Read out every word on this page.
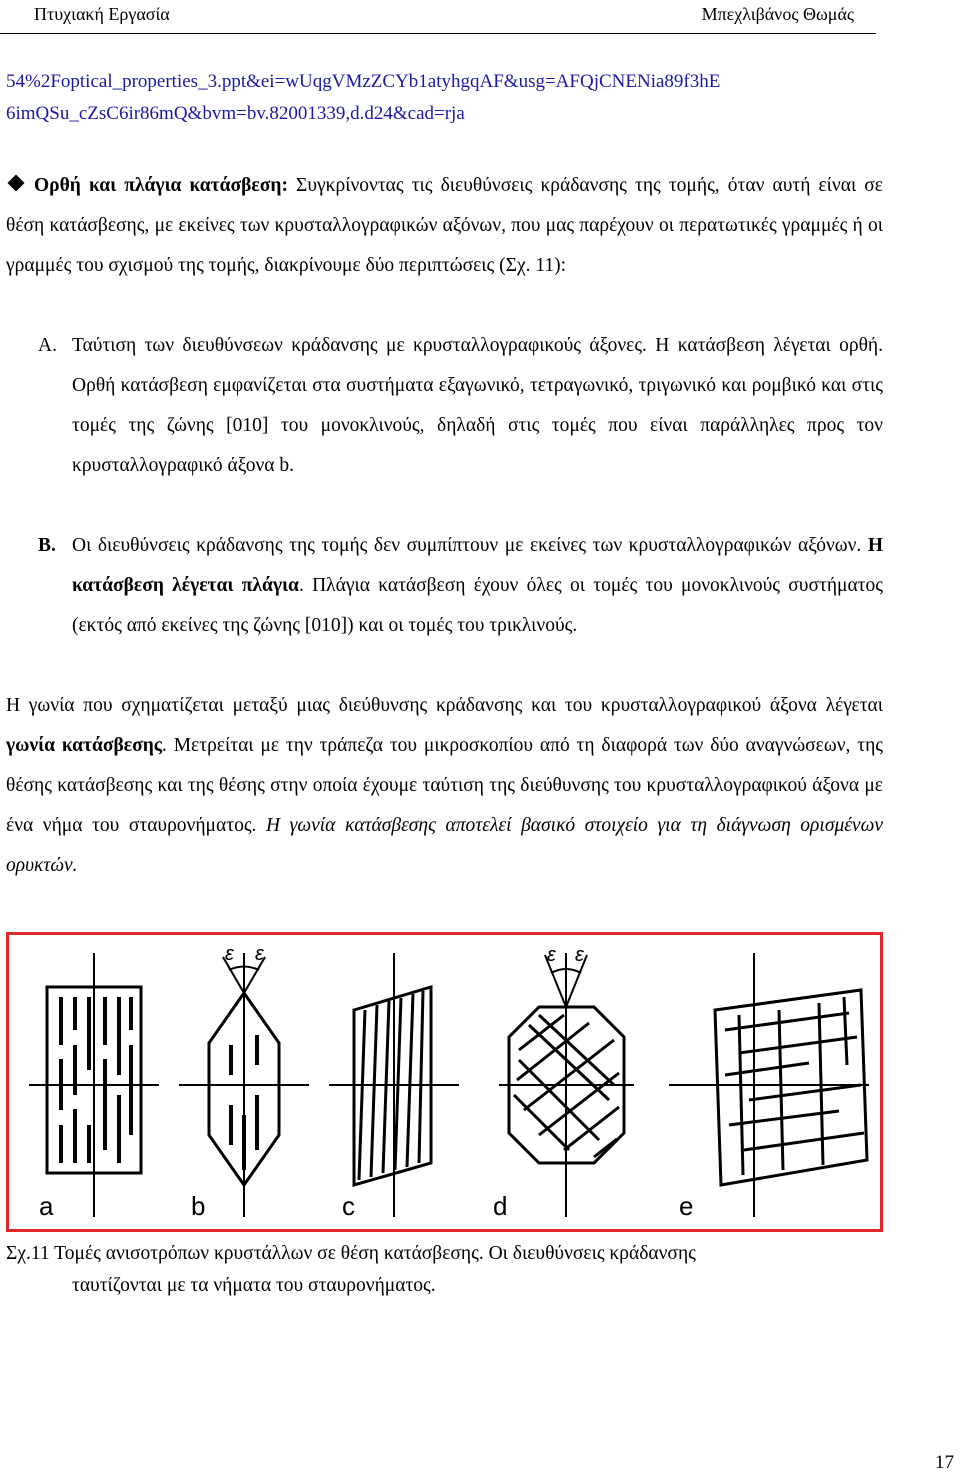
Πτυχιακή Εργασία	Μπεχλιβάνος Θωμάς
54%2Foptical_properties_3.ppt&ei=wUqgVMzZCYb1atyhgqAF&usg=AFQjCNENia89f3hE
6imQSu_cZsC6ir86mQ&bvm=bv.82001339,d.d24&cad=rja
Ορθή και πλάγια κατάσβεση: Συγκρίνοντας τις διευθύνσεις κράδανσης της τομής, όταν αυτή είναι σε θέση κατάσβεσης, με εκείνες των κρυσταλλογραφικών αξόνων, που μας παρέχουν οι περατωτικές γραμμές ή οι γραμμές του σχισμού της τομής, διακρίνουμε δύο περιπτώσεις (Σχ. 11):
Α. Ταύτιση των διευθύνσεων κράδανσης με κρυσταλλογραφικούς άξονες. Η κατάσβεση λέγεται ορθή. Ορθή κατάσβεση εμφανίζεται στα συστήματα εξαγωνικό, τετραγωνικό, τριγωνικό και ρομβικό και στις τομές της ζώνης [010] του μονοκλινούς, δηλαδή στις τομές που είναι παράλληλες προς τον κρυσταλλογραφικό άξονα b.
Β. Οι διευθύνσεις κράδανσης της τομής δεν συμπίπτουν με εκείνες των κρυσταλλογραφικών αξόνων. Η κατάσβεση λέγεται πλάγια. Πλάγια κατάσβεση έχουν όλες οι τομές του μονοκλινούς συστήματος (εκτός από εκείνες της ζώνης [010]) και οι τομές του τρικλινούς.
Η γωνία που σχηματίζεται μεταξύ μιας διεύθυνσης κράδανσης και του κρυσταλλογραφικού άξονα λέγεται γωνία κατάσβεσης. Μετρείται με την τράπεζα του μικροσκοπίου από τη διαφορά των δύο αναγνώσεων, της θέσης κατάσβεσης και της θέσης στην οποία έχουμε ταύτιση της διεύθυνσης του κρυσταλλογραφικού άξονα με ένα νήμα του σταυρονήματος. Η γωνία κατάσβεσης αποτελεί βασικό στοιχείο για τη διάγνωση ορισμένων ορυκτών.
a
ε ε
b	c
ε ε
d	e
Σχ.11 Τομές ανισοτρόπων κρυστάλλων σε θέση κατάσβεσης. Οι διευθύνσεις κράδανσης
ταυτίζονται με τα νήματα του σταυρονήματος.
17
